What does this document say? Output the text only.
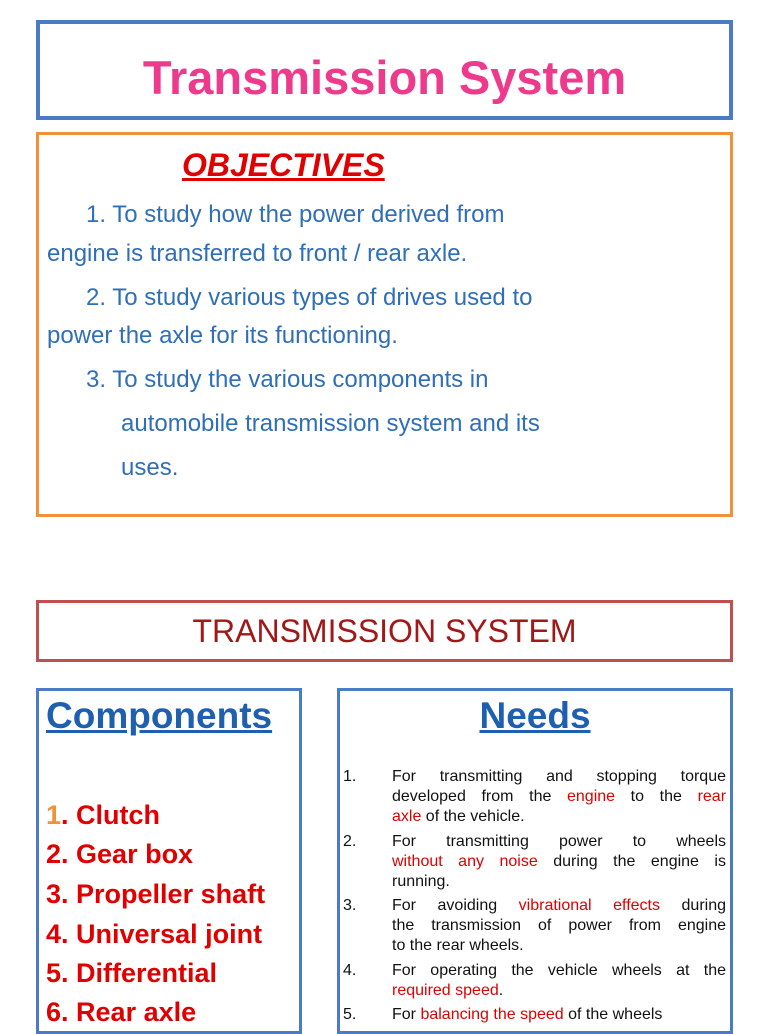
Transmission System
OBJECTIVES
1. To study how the power derived from
engine is transferred to front / rear axle.
2. To study various types of drives used to
power the axle for its functioning.
3. To study the various components in
automobile transmission system and its
uses.
TRANSMISSION SYSTEM
Components
1. Clutch
2. Gear box
3. Propeller shaft
4. Universal joint
5. Differential
6. Rear axle
Needs
1. For transmitting and stopping torque
developed from the engine to the rear
axle of the vehicle.
2. For transmitting power to wheels
without any noise during the engine is
running.
3. For avoiding vibrational effects during
the transmission of power from engine
to the rear wheels.
4. For operating the vehicle wheels at the
required speed.
5. For balancing the speed of the wheels
